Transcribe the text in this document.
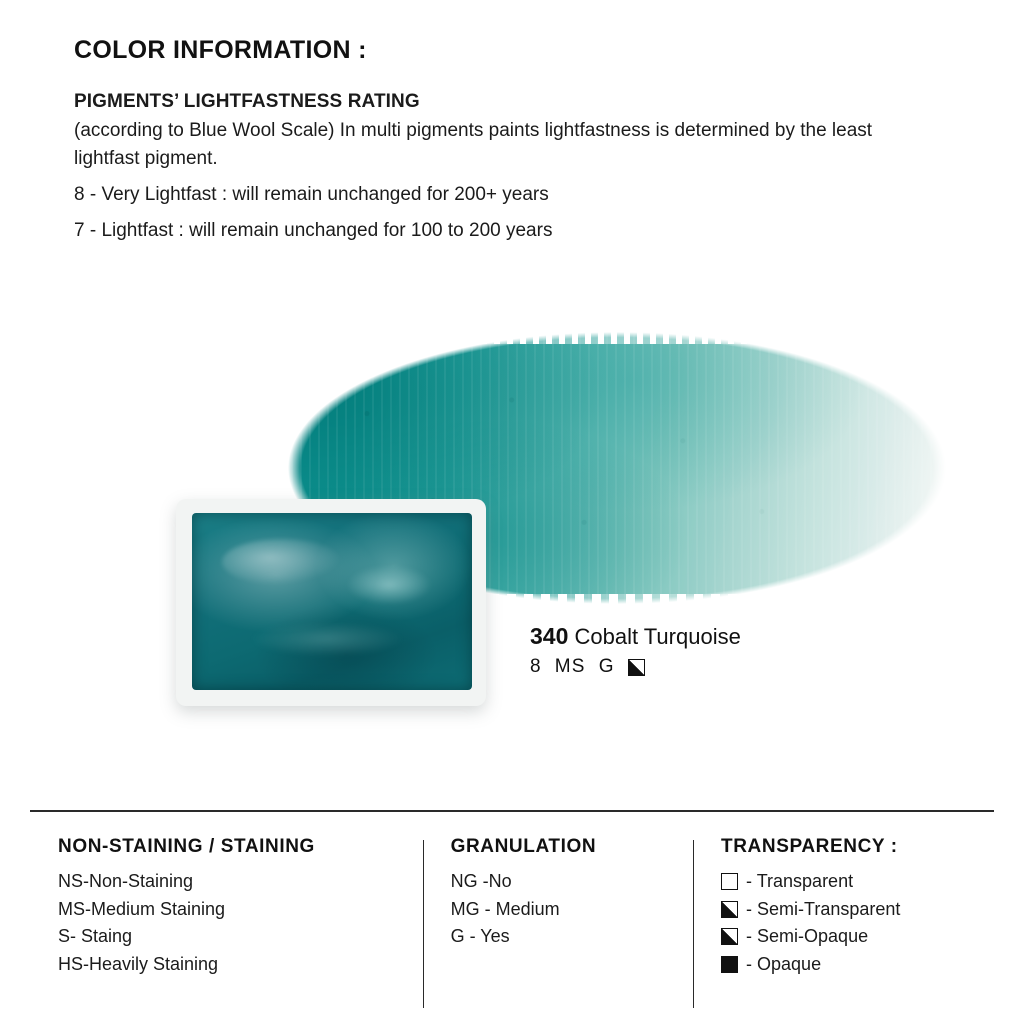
COLOR INFORMATION :

PIGMENTS’ LIGHTFASTNESS RATING

(according to Blue Wool Scale) In multi pigments paints lightfastness is determined by the least lightfast pigment.

8 - Very Lightfast : will remain unchanged for 200+ years

7 - Lightfast : will remain unchanged for 100 to 200 years

340 Cobalt Turquoise
8 MS G
NON-STAINING / STAINING
NS-Non-Staining
MS-Medium Staining
S- Staing
HS-Heavily Staining
GRANULATION
NG -No
MG - Medium
G - Yes
TRANSPARENCY :
- Transparent
- Semi-Transparent
- Semi-Opaque
- Opaque
